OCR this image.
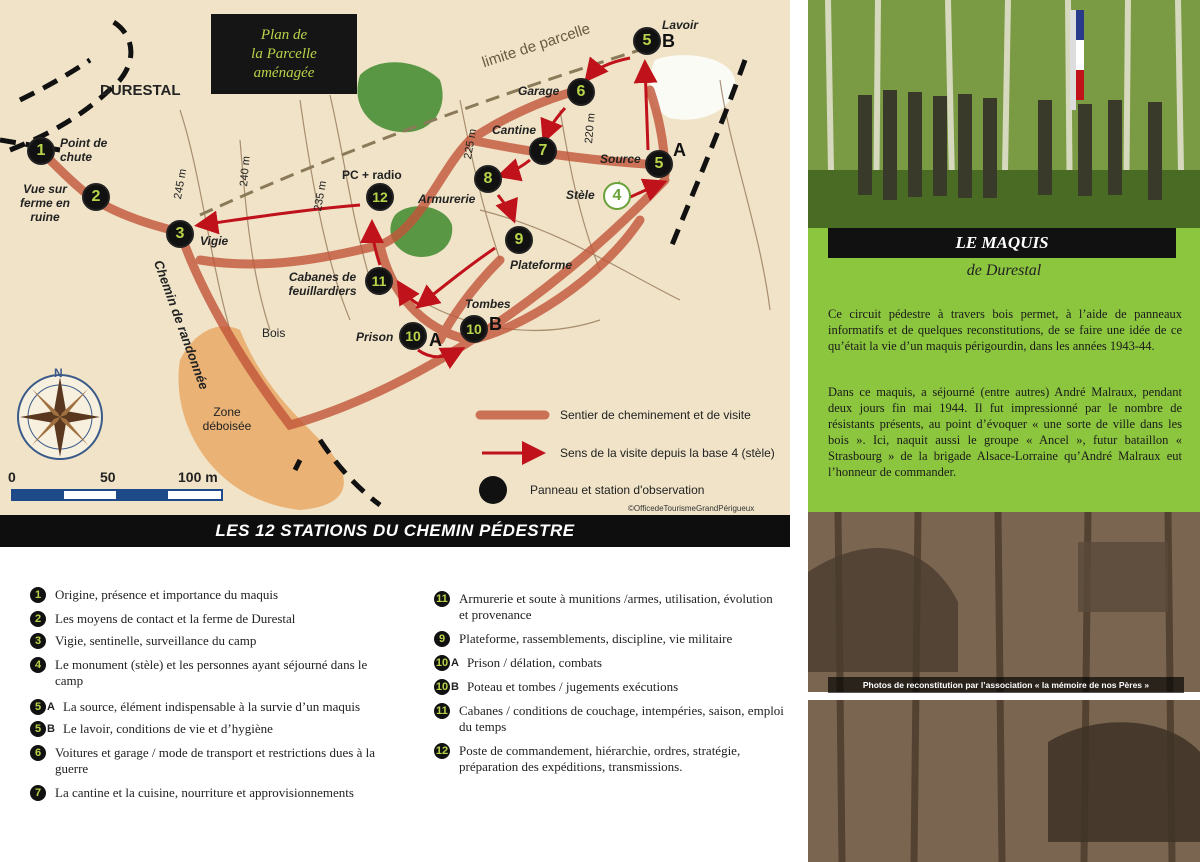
Plan de
la Parcelle
aménagée
DURESTAL
limite de parcelle
Point de chute
Vue sur ferme en ruine
Vigie
Chemin de randonnée	Bois
Zone déboisée
PC + radio
Armurerie
Cantine
Garage
Lavoir
Source
Stèle
Plateforme
Cabanes de feuillardiers
Tombes
Prison
245 m	240 m
235 m
225 m	220 m
N
1
2
3
4
5
A
5 B
6
7
8
9
10 A
10 B
11
12
0	50	100 m
Sentier de cheminement et de visite
Sens de la visite depuis la base 4 (stèle)
Panneau et station d'observation
©OfficedeTourismeGrandPérigueux
LES 12 STATIONS DU CHEMIN PÉDESTRE
1	Origine, présence et importance du maquis
2	Les moyens de contact et la ferme de Durestal
3	Vigie, sentinelle, surveillance du camp
4	Le monument (stèle) et les personnes ayant séjourné dans le camp
5 A La source, élément indispensable à la survie d’un maquis
5 B Le lavoir, conditions de vie et d’hygiène
6	Voitures et garage / mode de transport et restrictions dues à la guerre
7	La cantine et la cuisine, nourriture et approvisionnements
11 Armurerie et soute à munitions /armes, utilisation, évolution et provenance
9	Plateforme, rassemblements, discipline, vie militaire
10 A Prison / délation, combats
10 B Poteau et tombes / jugements exécutions
11 Cabanes / conditions de couchage, intempéries, saison, emploi du temps
12 Poste de commandement, hiérarchie, ordres, stratégie, préparation des expéditions, transmissions.
LE MAQUIS
de Durestal
Ce circuit pédestre à travers bois permet, à l’aide de panneaux informatifs et de quelques reconstitutions, de se faire une idée de ce qu’était la vie d’un maquis périgourdin, dans les années 1943-44.
Dans ce maquis, a séjourné (entre autres) André Malraux, pendant deux jours fin mai 1944. Il fut impressionné par le nombre de résistants présents, au point d’évoquer « une sorte de ville dans les bois ». Ici, naquit aussi le groupe « Ancel », futur bataillon « Strasbourg » de la brigade Alsace-Lorraine qu’André Malraux eut l’honneur de commander.
Photos de reconstitution par l’association « la mémoire de nos Pères »
